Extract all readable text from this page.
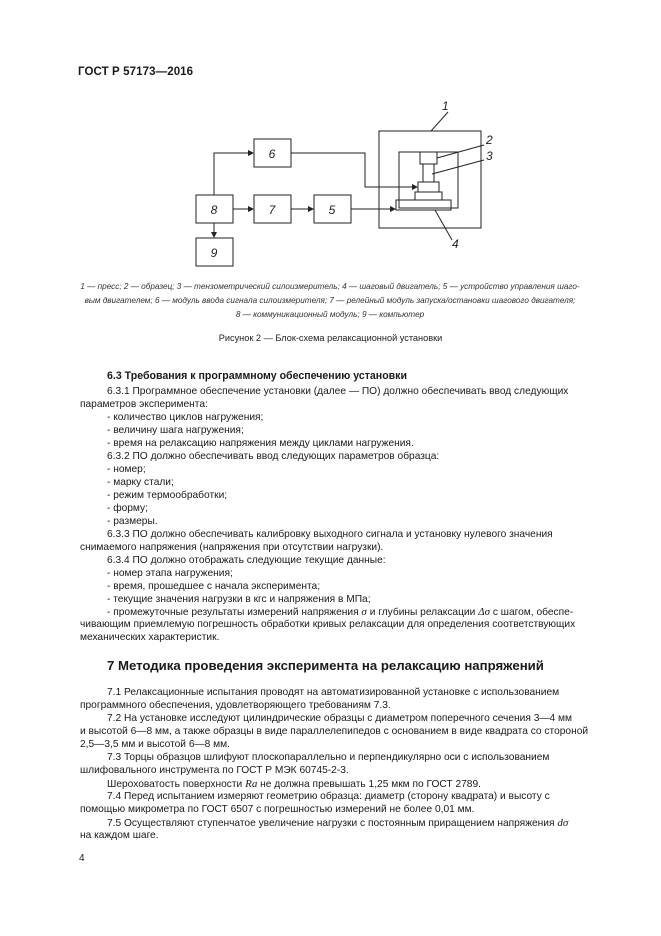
ГОСТ Р 57173—2016
6
8	7	5
9
1
2
3
4
1 — пресс; 2 — образец; 3 — тензометрический силоизмеритель; 4 — шаговый двигатель; 5 — устройство управления шаго-
вым двигателем; 6 — модуль ввода сигнала силоизмерителя; 7 — релейный модуль запуска/остановки шагового двигателя;
8 — коммуникационный модуль; 9 — компьютер
Рисунок 2 — Блок-схема релаксационной установки
6.3 Требования к программному обеспечению установки
6.3.1 Программное обеспечение установки (далее — ПО) должно обеспечивать ввод следующих
параметров эксперимента:
- количество циклов нагружения;
- величину шага нагружения;
- время на релаксацию напряжения между циклами нагружения.
6.3.2 ПО должно обеспечивать ввод следующих параметров образца:
- номер;
- марку стали;
- режим термообработки;
- форму;
- размеры.
6.3.3 ПО должно обеспечивать калибровку выходного сигнала и установку нулевого значения
снимаемого напряжения (напряжения при отсутствии нагрузки).
6.3.4 ПО должно отображать следующие текущие данные:
- номер этапа нагружения;
- время, прошедшее с начала эксперимента;
- текущие значения нагрузки в кгс и напряжения в МПа;
- промежуточные результаты измерений напряжения σ и глубины релаксации Δσ с шагом, обеспе-
чивающим приемлемую погрешность обработки кривых релаксации для определения соответствующих
механических характеристик.
7 Методика проведения эксперимента на релаксацию напряжений
7.1 Релаксационные испытания проводят на автоматизированной установке с использованием
программного обеспечения, удовлетворяющего требованиям 7.3.
7.2 На установке исследуют цилиндрические образцы с диаметром поперечного сечения 3—4 мм
и высотой 6—8 мм, а также образцы в виде параллелепипедов с основанием в виде квадрата со стороной
2,5—3,5 мм и высотой 6—8 мм.
7.3 Торцы образцов шлифуют плоскопараллельно и перпендикулярно оси с использованием
шлифовального инструмента по ГОСТ Р МЭК 60745-2-3.
Шероховатость поверхности Ra не должна превышать 1,25 мкм по ГОСТ 2789.
7.4 Перед испытанием измеряют геометрию образца: диаметр (сторону квадрата) и высоту с
помощью микрометра по ГОСТ 6507 с погрешностью измерений не более 0,01 мм.
7.5 Осуществляют ступенчатое увеличение нагрузки с постоянным приращением напряжения dσ
на каждом шаге.
4
